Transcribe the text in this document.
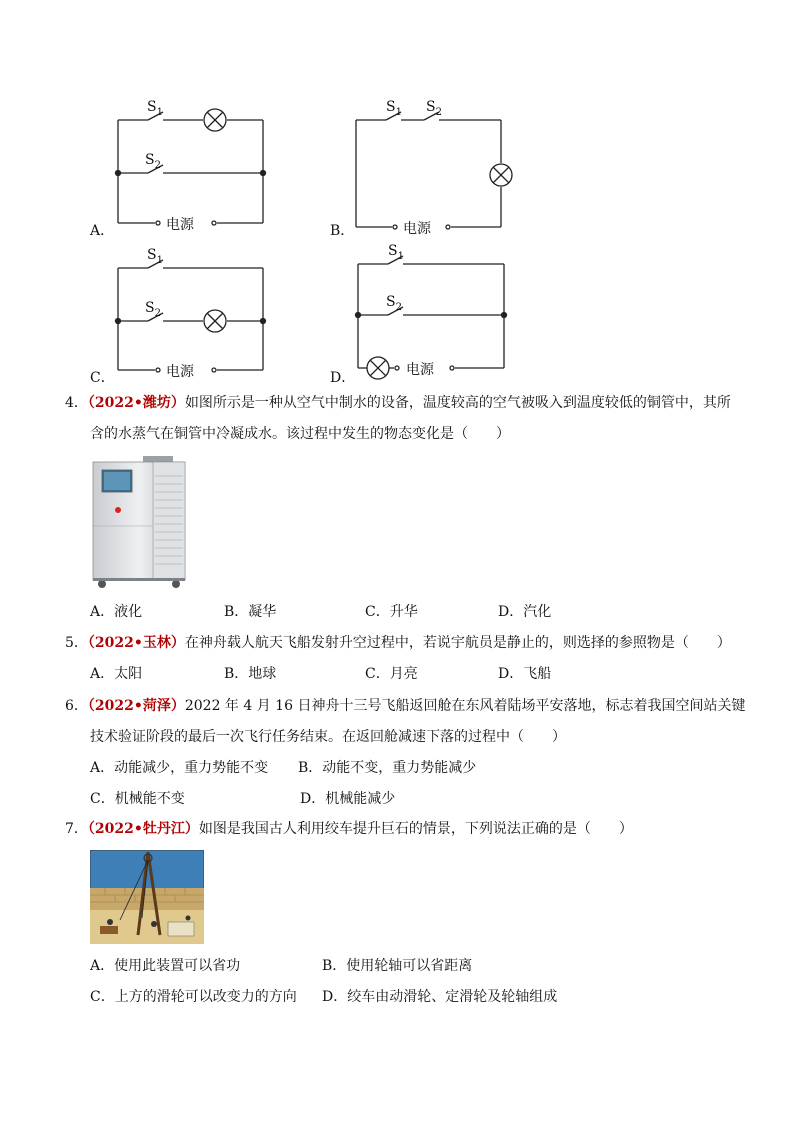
$S_1$
$S_2$
电源
A．
$S_1$ $S_2$
电源
B．
$S_1$
$S_2$
电源
C．
$S_1$
$S_2$
电源
D．
4．（2022•潍坊）如图所示是一种从空气中制水的设备，温度较高的空气被吸入到温度较低的铜管中，其所
含的水蒸气在铜管中冷凝成水。该过程中发生的物态变化是（　　）
A．液化	B．凝华	C．升华	D．汽化
5．（2022•玉林）在神舟载人航天飞船发射升空过程中，若说宇航员是静止的，则选择的参照物是（　　）
A．太阳	B．地球	C．月亮	D．飞船
6．（2022•菏泽）2022 年 4 月 16 日神舟十三号飞船返回舱在东风着陆场平安落地，标志着我国空间站关键
技术验证阶段的最后一次飞行任务结束。在返回舱减速下落的过程中（　　）
A．动能减少，重力势能不变 B．动能不变，重力势能减少
C．机械能不变	D．机械能减少
7．（2022•牡丹江）如图是我国古人利用绞车提升巨石的情景，下列说法正确的是（　　）
A．使用此装置可以省功	B．使用轮轴可以省距离
C．上方的滑轮可以改变力的方向 D．绞车由动滑轮、定滑轮及轮轴组成
